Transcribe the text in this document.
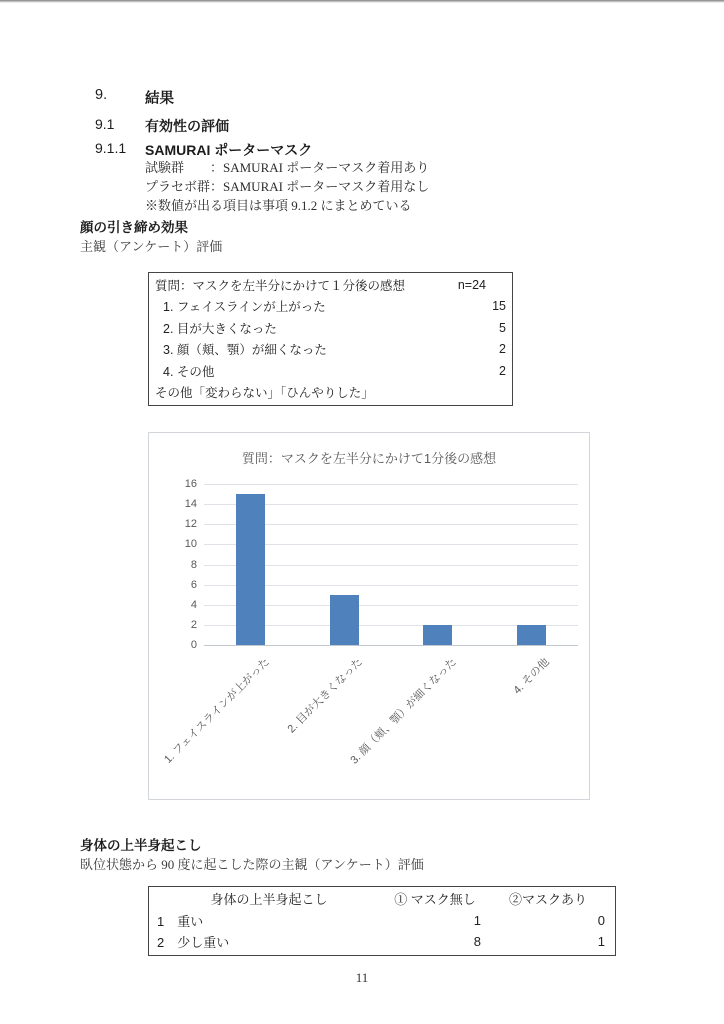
9.	結果
9.1	有効性の評価
9.1.1	SAMURAI ポーターマスク
試験群　　：SAMURAI ポーターマスク着用あり
プラセボ群：SAMURAI ポーターマスク着用なし
※数値が出る項目は事項 9.1.2 にまとめている
顔の引き締め効果
主観（アンケート）評価
質問：マスクを左半分にかけて１分後の感想	n=24
1. フェイスラインが上がった	15
2. 目が大きくなった	5
3. 顔（頬、顎）が細くなった	2
4. その他	2
その他「変わらない」「ひんやりした」
質問：マスクを左半分にかけて1分後の感想
0
2
4
6
8
10
12
14
16
1. フェイスラインが上がった 2. 目が大きくなった
3. 顔（頬、顎）が細くなった	4. その他
身体の上半身起こし
臥位状態から 90 度に起こした際の主観（アンケート）評価
身体の上半身起こし	① マスク無し	②マスクあり
1　重い	1	0
2　少し重い	8	1
11
